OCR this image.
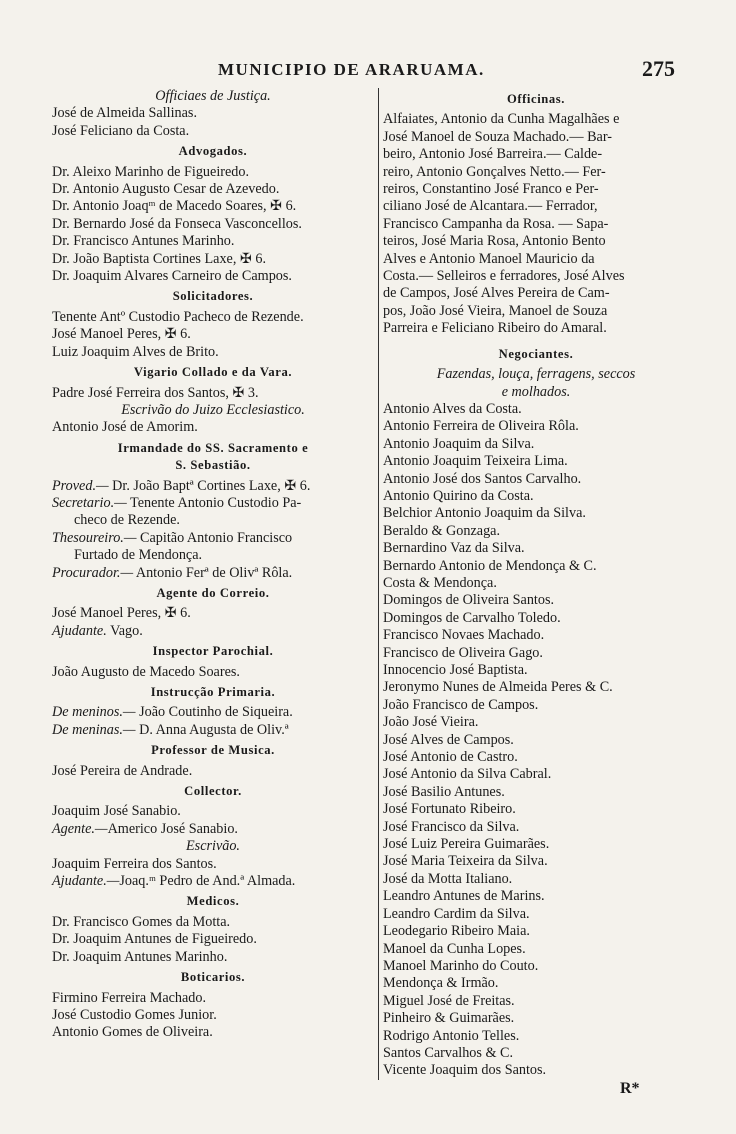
MUNICIPIO DE ARARUAMA.	275
Officiaes de Justiça.
José de Almeida Sallinas.
José Feliciano da Costa.
Advogados.
Dr. Aleixo Marinho de Figueiredo.
Dr. Antonio Augusto Cesar de Azevedo.
Dr. Antonio Joaqᵐ de Macedo Soares, ✠ 6.
Dr. Bernardo José da Fonseca Vasconcellos.
Dr. Francisco Antunes Marinho.
Dr. João Baptista Cortines Laxe, ✠ 6.
Dr. Joaquim Alvares Carneiro de Campos.
Solicitadores.
Tenente Antº Custodio Pacheco de Rezende.
José Manoel Peres, ✠ 6.
Luiz Joaquim Alves de Brito.
Vigario Collado e da Vara.
Padre José Ferreira dos Santos, ✠ 3.
Escrivão do Juizo Ecclesiastico.
Antonio José de Amorim.
Irmandade do SS. Sacramento e
S. Sebastião.
Proved.— Dr. João Baptª Cortines Laxe, ✠ 6.
Secretario.— Tenente Antonio Custodio Pa-
checo de Rezende.
Thesoureiro.— Capitão Antonio Francisco
Furtado de Mendonça.
Procurador.— Antonio Ferª de Olivª Rôla.
Agente do Correio.
José Manoel Peres, ✠ 6.
Ajudante. Vago.
Inspector Parochial.
João Augusto de Macedo Soares.
Instrucção Primaria.
De meninos.— João Coutinho de Siqueira.
De meninas.— D. Anna Augusta de Oliv.ª
Professor de Musica.
José Pereira de Andrade.
Collector.
Joaquim José Sanabio.
Agente.—Americo José Sanabio.
Escrivão.
Joaquim Ferreira dos Santos.
Ajudante.—Joaq.ᵐ Pedro de And.ª Almada.
Medicos.
Dr. Francisco Gomes da Motta.
Dr. Joaquim Antunes de Figueiredo.
Dr. Joaquim Antunes Marinho.
Boticarios.
Firmino Ferreira Machado.
José Custodio Gomes Junior.
Antonio Gomes de Oliveira.
Officinas.
Alfaiates, Antonio da Cunha Magalhães e
José Manoel de Souza Machado.— Bar-
beiro, Antonio José Barreira.— Calde-
reiro, Antonio Gonçalves Netto.— Fer-
reiros, Constantino José Franco e Per-
ciliano José de Alcantara.— Ferrador,
Francisco Campanha da Rosa. — Sapa-
teiros, José Maria Rosa, Antonio Bento
Alves e Antonio Manoel Mauricio da
Costa.— Selleiros e ferradores, José Alves
de Campos, José Alves Pereira de Cam-
pos, João José Vieira, Manoel de Souza
Parreira e Feliciano Ribeiro do Amaral.
Negociantes.
Fazendas, louça, ferragens, seccos
e molhados.
Antonio Alves da Costa.
Antonio Ferreira de Oliveira Rôla.
Antonio Joaquim da Silva.
Antonio Joaquim Teixeira Lima.
Antonio José dos Santos Carvalho.
Antonio Quirino da Costa.
Belchior Antonio Joaquim da Silva.
Beraldo & Gonzaga.
Bernardino Vaz da Silva.
Bernardo Antonio de Mendonça & C.
Costa & Mendonça.
Domingos de Oliveira Santos.
Domingos de Carvalho Toledo.
Francisco Novaes Machado.
Francisco de Oliveira Gago.
Innocencio José Baptista.
Jeronymo Nunes de Almeida Peres & C.
João Francisco de Campos.
João José Vieira.
José Alves de Campos.
José Antonio de Castro.
José Antonio da Silva Cabral.
José Basilio Antunes.
José Fortunato Ribeiro.
José Francisco da Silva.
José Luiz Pereira Guimarães.
José Maria Teixeira da Silva.
José da Motta Italiano.
Leandro Antunes de Marins.
Leandro Cardim da Silva.
Leodegario Ribeiro Maia.
Manoel da Cunha Lopes.
Manoel Marinho do Couto.
Mendonça & Irmão.
Miguel José de Freitas.
Pinheiro & Guimarães.
Rodrigo Antonio Telles.
Santos Carvalhos & C.
Vicente Joaquim dos Santos.
R*
